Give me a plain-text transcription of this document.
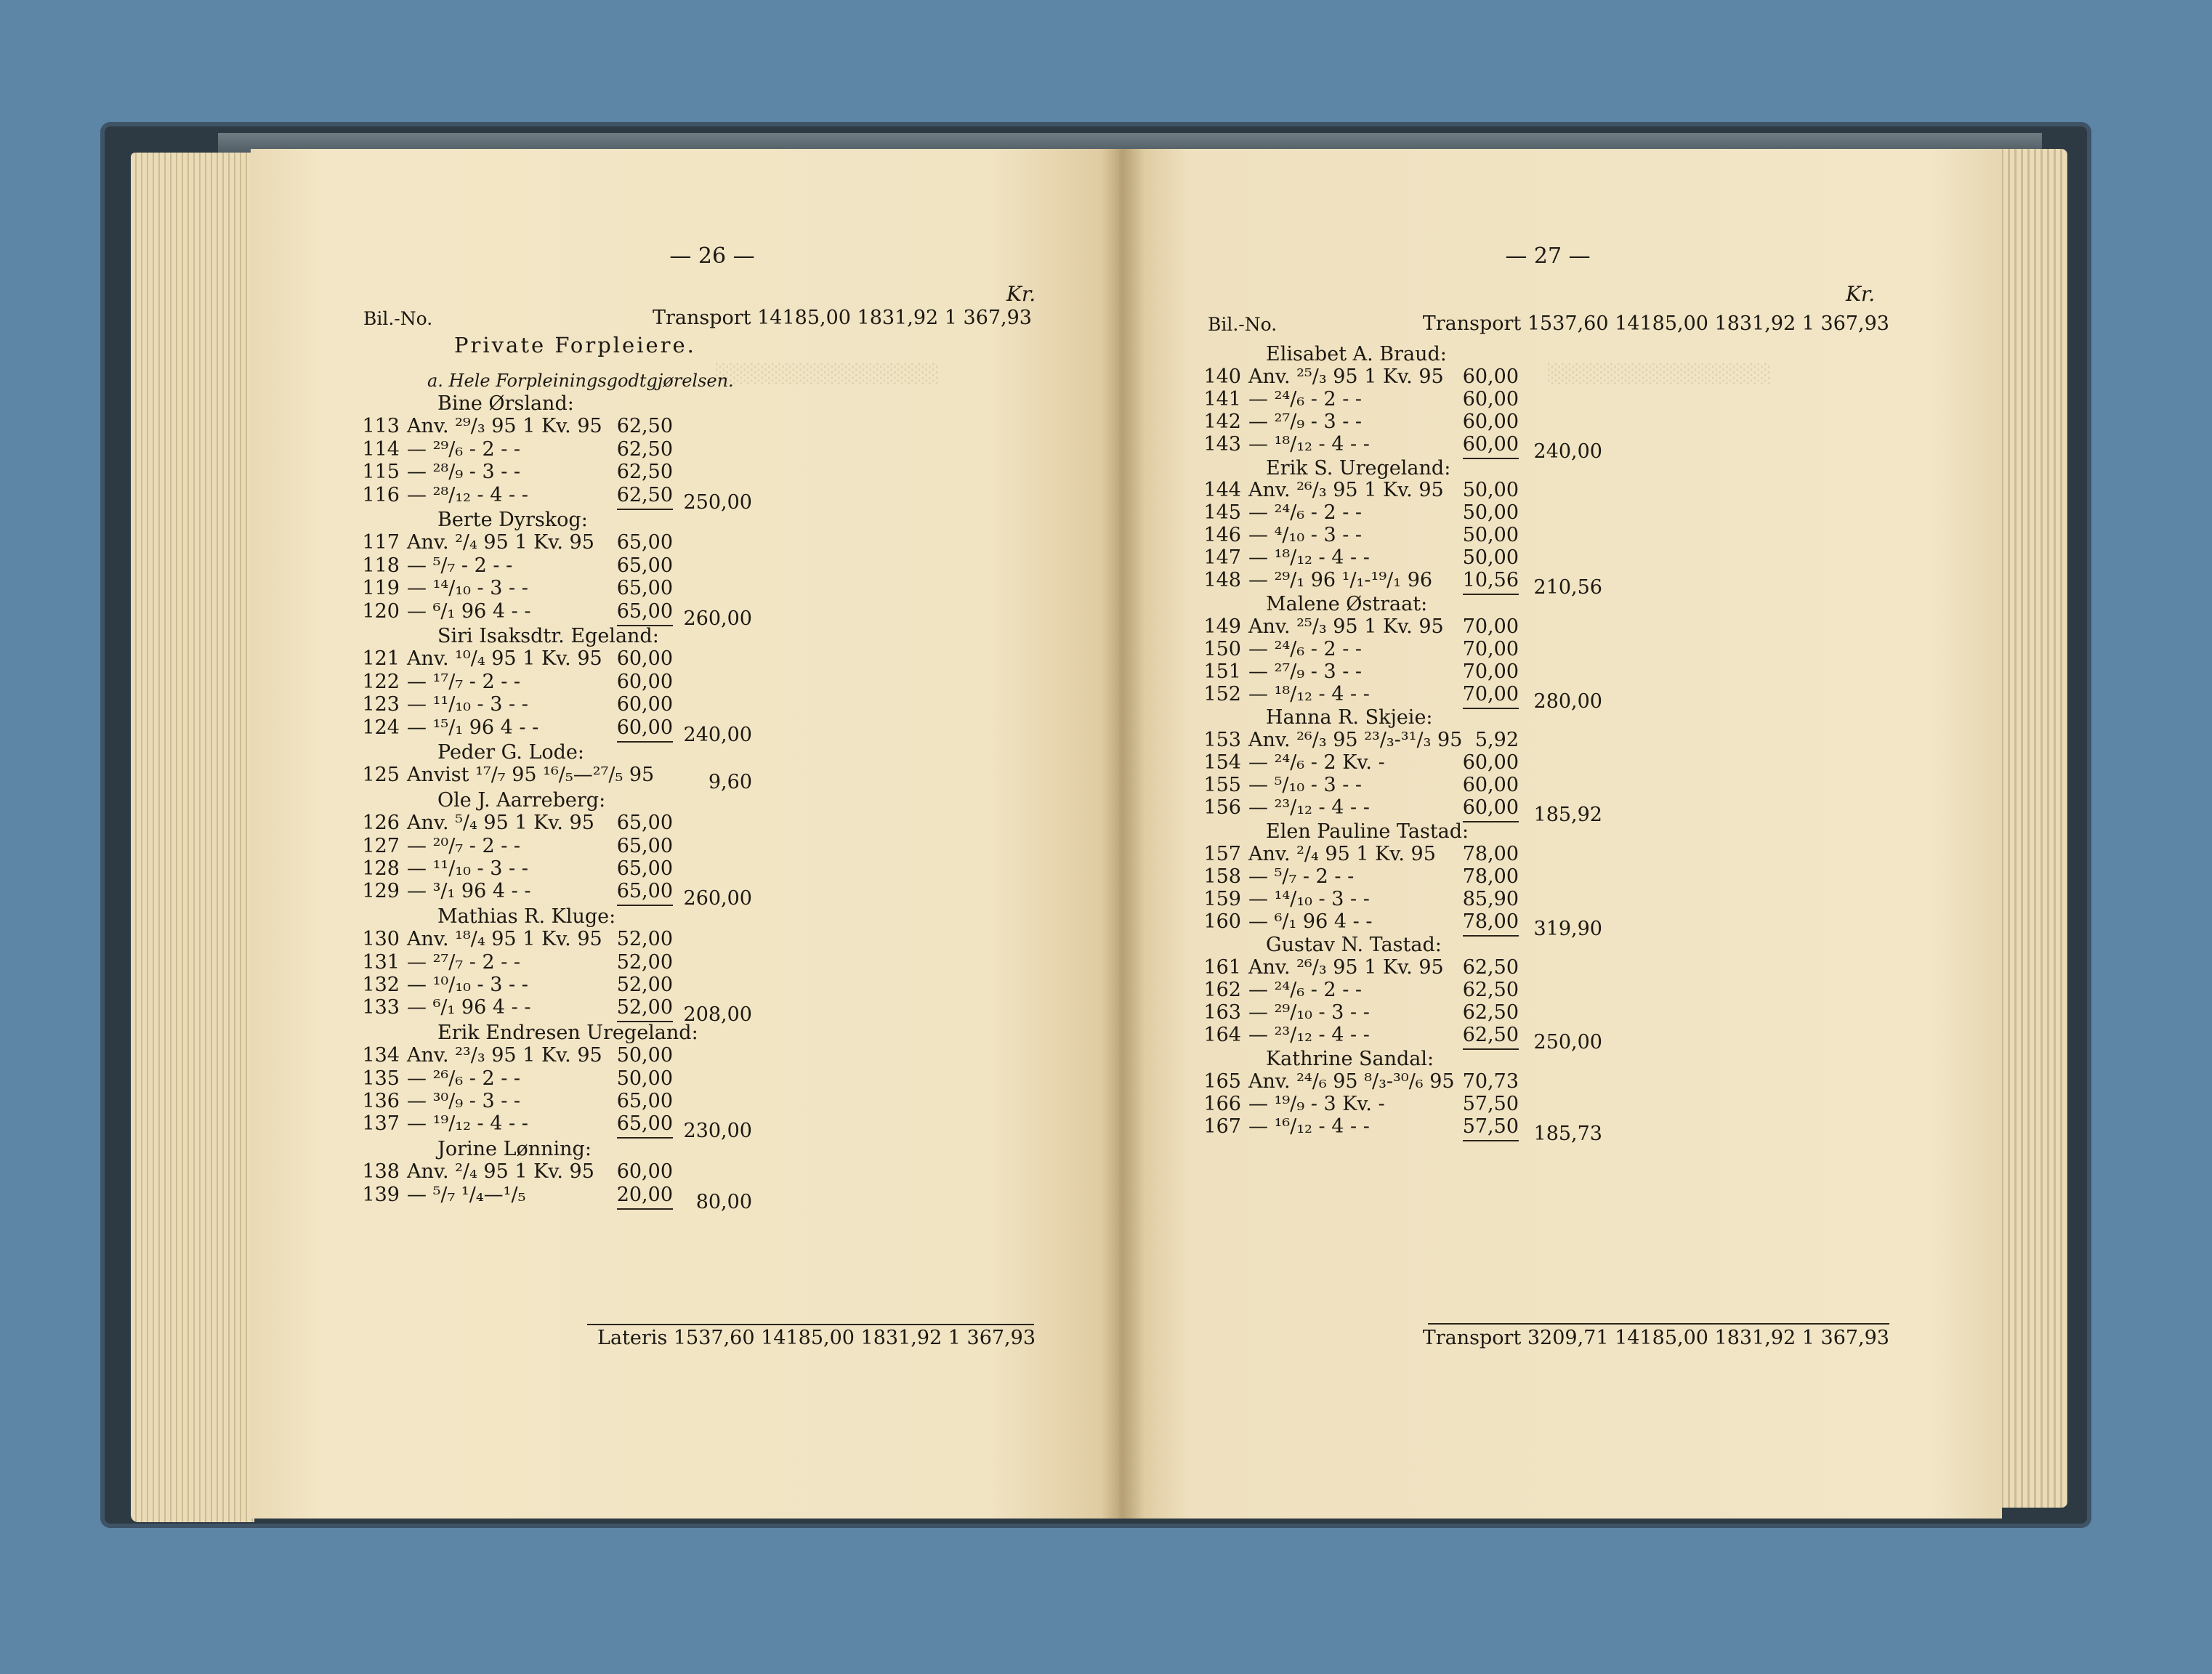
░░░░░░░░░░░░░░░░	░░░░░░░░░░░░░░░░
— 26 —
Kr.
Bil.-No.	Transport 14185,00 1831,92 1 367,93
Private Forpleiere.
a. Hele Forpleiningsgodtgjørelsen.
Bine Ørsland:
113 Anv. ²⁹/₃ 95 1 Kv. 95 62,50
114 — ²⁹/₆ - 2 - -	62,50
115 — ²⁸/₉ - 3 - -	62,50
116 — ²⁸/₁₂ - 4 - -	62,50 250,00
Berte Dyrskog:
117 Anv. ²/₄ 95 1 Kv. 95 65,00
118 — ⁵/₇ - 2 - -	65,00
119 — ¹⁴/₁₀ - 3 - -	65,00
120 — ⁶/₁ 96 4 - -	65,00 260,00
Siri Isaksdtr. Egeland:
121 Anv. ¹⁰/₄ 95 1 Kv. 95 60,00
122 — ¹⁷/₇ - 2 - -	60,00
123 — ¹¹/₁₀ - 3 - -	60,00
124 — ¹⁵/₁ 96 4 - -	60,00 240,00
Peder G. Lode:
125 Anvist ¹⁷/₇ 95 ¹⁶/₅—²⁷/₅ 95	9,60
Ole J. Aarreberg:
126 Anv. ⁵/₄ 95 1 Kv. 95 65,00
127 — ²⁰/₇ - 2 - -	65,00
128 — ¹¹/₁₀ - 3 - -	65,00
129 — ³/₁ 96 4 - -	65,00 260,00
Mathias R. Kluge:
130 Anv. ¹⁸/₄ 95 1 Kv. 95 52,00
131 — ²⁷/₇ - 2 - -	52,00
132 — ¹⁰/₁₀ - 3 - -	52,00
133 — ⁶/₁ 96 4 - -	52,00 208,00
Erik Endresen Uregeland:
134 Anv. ²³/₃ 95 1 Kv. 95 50,00
135 — ²⁶/₆ - 2 - -	50,00
136 — ³⁰/₉ - 3 - -	65,00
137 — ¹⁹/₁₂ - 4 - -	65,00 230,00
Jorine Lønning:
138 Anv. ²/₄ 95 1 Kv. 95 60,00
139 — ⁵/₇ ¹/₄—¹/₅	20,00	80,00
Lateris 1537,60 14185,00 1831,92 1 367,93
— 27 —
Kr.
Bil.-No.	Transport 1537,60 14185,00 1831,92 1 367,93
Elisabet A. Braud:
140 Anv. ²⁵/₃ 95 1 Kv. 95 60,00
141 — ²⁴/₆ - 2 - -	60,00
142 — ²⁷/₉ - 3 - -	60,00
143 — ¹⁸/₁₂ - 4 - -	60,00 240,00
Erik S. Uregeland:
144 Anv. ²⁶/₃ 95 1 Kv. 95 50,00
145 — ²⁴/₆ - 2 - -	50,00
146 — ⁴/₁₀ - 3 - -	50,00
147 — ¹⁸/₁₂ - 4 - -	50,00
148 — ²⁹/₁ 96 ¹/₁-¹⁹/₁ 96 10,56 210,56
Malene Østraat:
149 Anv. ²⁵/₃ 95 1 Kv. 95 70,00
150 — ²⁴/₆ - 2 - -	70,00
151 — ²⁷/₉ - 3 - -	70,00
152 — ¹⁸/₁₂ - 4 - -	70,00 280,00
Hanna R. Skjeie:
153 Anv. ²⁶/₃ 95 ²³/₃-³¹/₃ 95 5,92
154 — ²⁴/₆ - 2 Kv. -	60,00
155 — ⁵/₁₀ - 3 - -	60,00
156 — ²³/₁₂ - 4 - -	60,00 185,92
Elen Pauline Tastad:
157 Anv. ²/₄ 95 1 Kv. 95 78,00
158 — ⁵/₇ - 2 - -	78,00
159 — ¹⁴/₁₀ - 3 - -	85,90
160 — ⁶/₁ 96 4 - -	78,00 319,90
Gustav N. Tastad:
161 Anv. ²⁶/₃ 95 1 Kv. 95 62,50
162 — ²⁴/₆ - 2 - -	62,50
163 — ²⁹/₁₀ - 3 - -	62,50
164 — ²³/₁₂ - 4 - -	62,50 250,00
Kathrine Sandal:
165 Anv. ²⁴/₆ 95 ⁸/₃-³⁰/₆ 95 70,73
166 — ¹⁹/₉ - 3 Kv. -	57,50
167 — ¹⁶/₁₂ - 4 - -	57,50 185,73
Transport 3209,71 14185,00 1831,92 1 367,93
